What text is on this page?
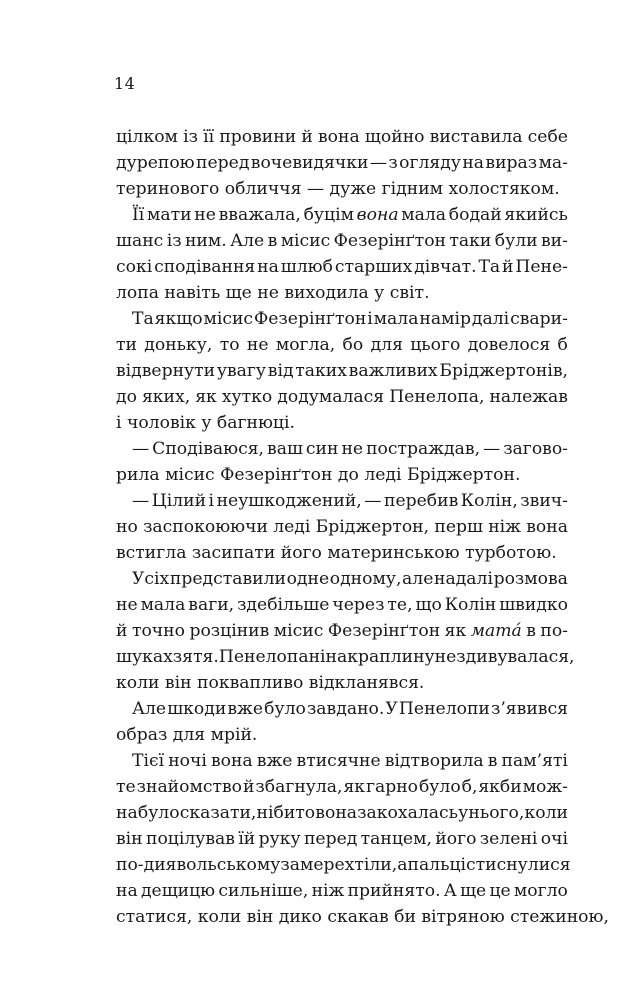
14
цілком із її провини й вона щойно виставила себе
дурепою перед вочевидячки — з огляду на вираз ма-
теринового обличчя — дуже гідним холостяком.
Її мати не вважала, буцім вона мала бодай якийсь
шанс із ним. Але в місис Фезерінґтон таки були ви-
сокі сподівання на шлюб старших дівчат. Та й Пене-
лопа навіть ще не виходила у світ.
Та якщо місис Фезерінґтон і мала намір далі свари-
ти доньку, то не могла, бо для цього довелося б
відвернути увагу від таких важливих Бріджертонів,
до яких, як хутко додумалася Пенелопа, належав
і чоловік у багнюці.
— Сподіваюся, ваш син не постраждав, — загово-
рила місис Фезерінґтон до леді Бріджертон.
— Цілий і неушкоджений, — перебив Колін, звич-
но заспокоюючи леді Бріджертон, перш ніж вона
встигла засипати його материнською турботою.
Усіх представили одне одному, але надалі розмова
не мала ваги, здебільше через те, що Колін швидко
й точно розцінив місис Фезерінґтон як мата́ в по-
шуках зятя. Пенелопа ні на краплину не здивувалася,
коли він поквапливо відкланявся.
Але шкоди вже було завдано. У Пенелопи з’явився
образ для мрій.
Тієї ночі вона вже втисячне відтворила в пам’яті
те знайомство й збагнула, як гарно було б, якби мож-
на було сказати, нібито вона закохалась у нього, коли
він поцілував їй руку перед танцем, його зелені очі
по-диявольському замерехтіли, а пальці стиснулися
на дещицю сильніше, ніж прийнято. А ще це могло
статися, коли він дико скакав би вітряною стежиною,
